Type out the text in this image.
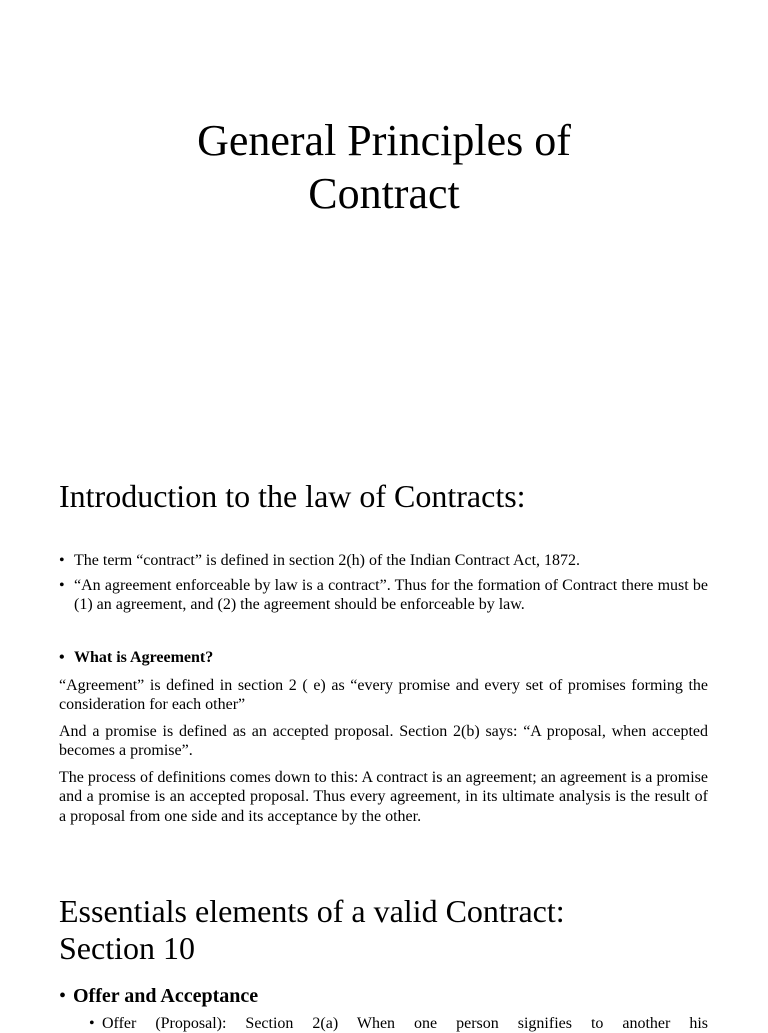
General Principles of
Contract
Introduction to the law of Contracts:
• The term “contract” is defined in section 2(h) of the Indian Contract Act, 1872.
• “An agreement enforceable by law is a contract”. Thus for the formation of Contract there must be (1) an agreement, and (2) the agreement should be enforceable by law.
• What is Agreement?
“Agreement” is defined in section 2 ( e) as “every promise and every set of promises forming the consideration for each other”
And a promise is defined as an accepted proposal. Section 2(b) says: “A proposal, when accepted becomes a promise”.
The process of definitions comes down to this: A contract is an agreement; an agreement is a promise and a promise is an accepted proposal. Thus every agreement, in its ultimate analysis is the result of a proposal from one side and its acceptance by the other.
Essentials elements of a valid Contract:
Section 10
• Offer and Acceptance
• Offer (Proposal): Section 2(a) When one person signifies to another his
